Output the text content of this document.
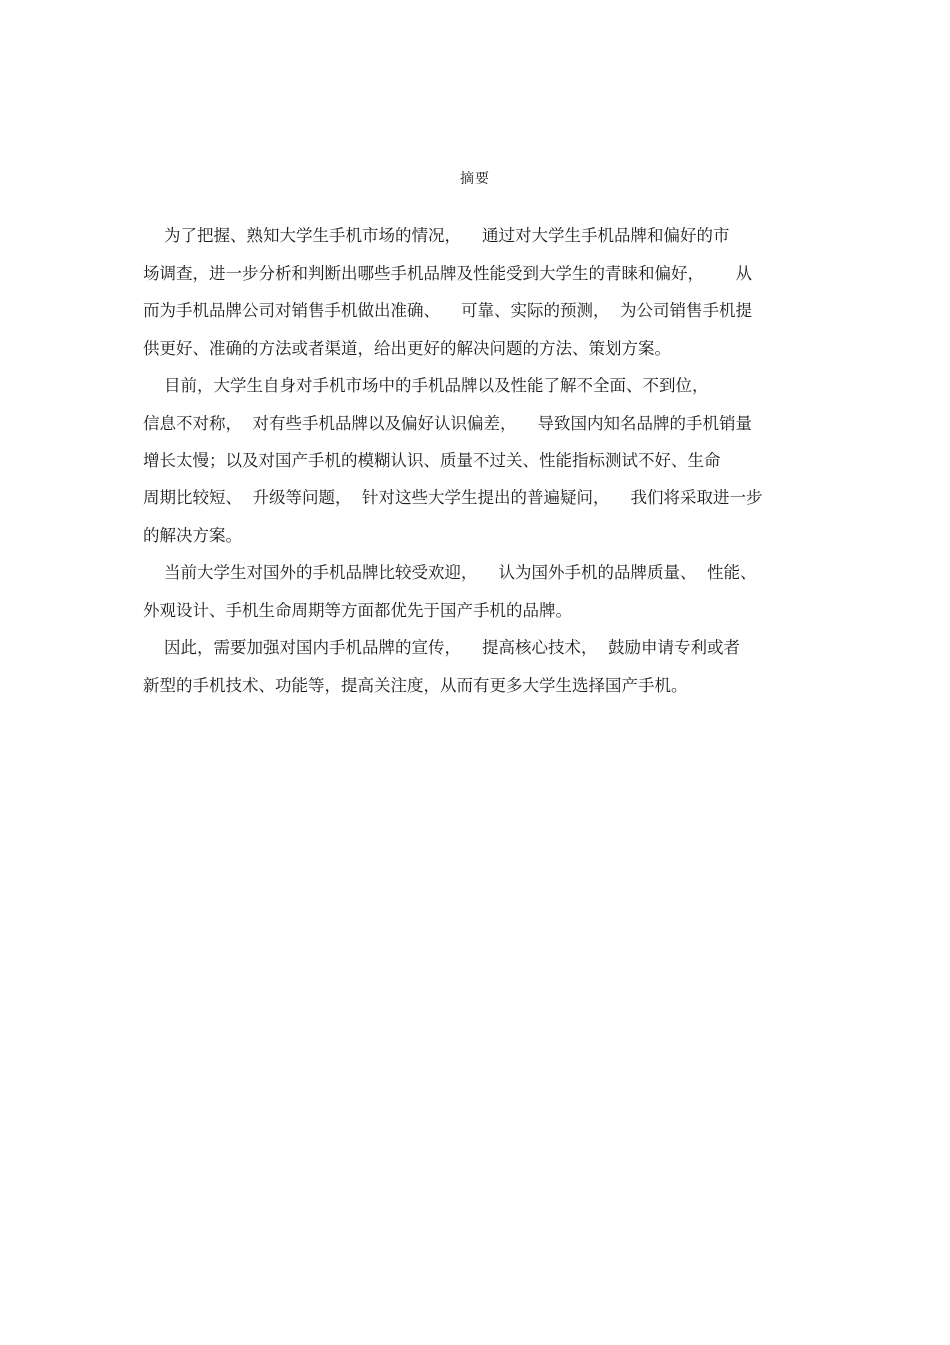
摘要
为了把握、熟知大学生手机市场的情况，    通过对大学生手机品牌和偏好的市
场调查，进一步分析和判断出哪些手机品牌及性能受到大学生的青睐和偏好，      从
而为手机品牌公司对销售手机做出准确、    可靠、实际的预测，  为公司销售手机提
供更好、准确的方法或者渠道，给出更好的解决问题的方法、策划方案。
目前，大学生自身对手机市场中的手机品牌以及性能了解不全面、不到位，
信息不对称，  对有些手机品牌以及偏好认识偏差，    导致国内知名品牌的手机销量
增长太慢；以及对国产手机的模糊认识、质量不过关、性能指标测试不好、生命
周期比较短、  升级等问题，  针对这些大学生提出的普遍疑问，    我们将采取进一步
的解决方案。
当前大学生对国外的手机品牌比较受欢迎，    认为国外手机的品牌质量、  性能、
外观设计、手机生命周期等方面都优先于国产手机的品牌。
因此，需要加强对国内手机品牌的宣传，    提高核心技术，  鼓励申请专利或者
新型的手机技术、功能等，提高关注度，从而有更多大学生选择国产手机。
